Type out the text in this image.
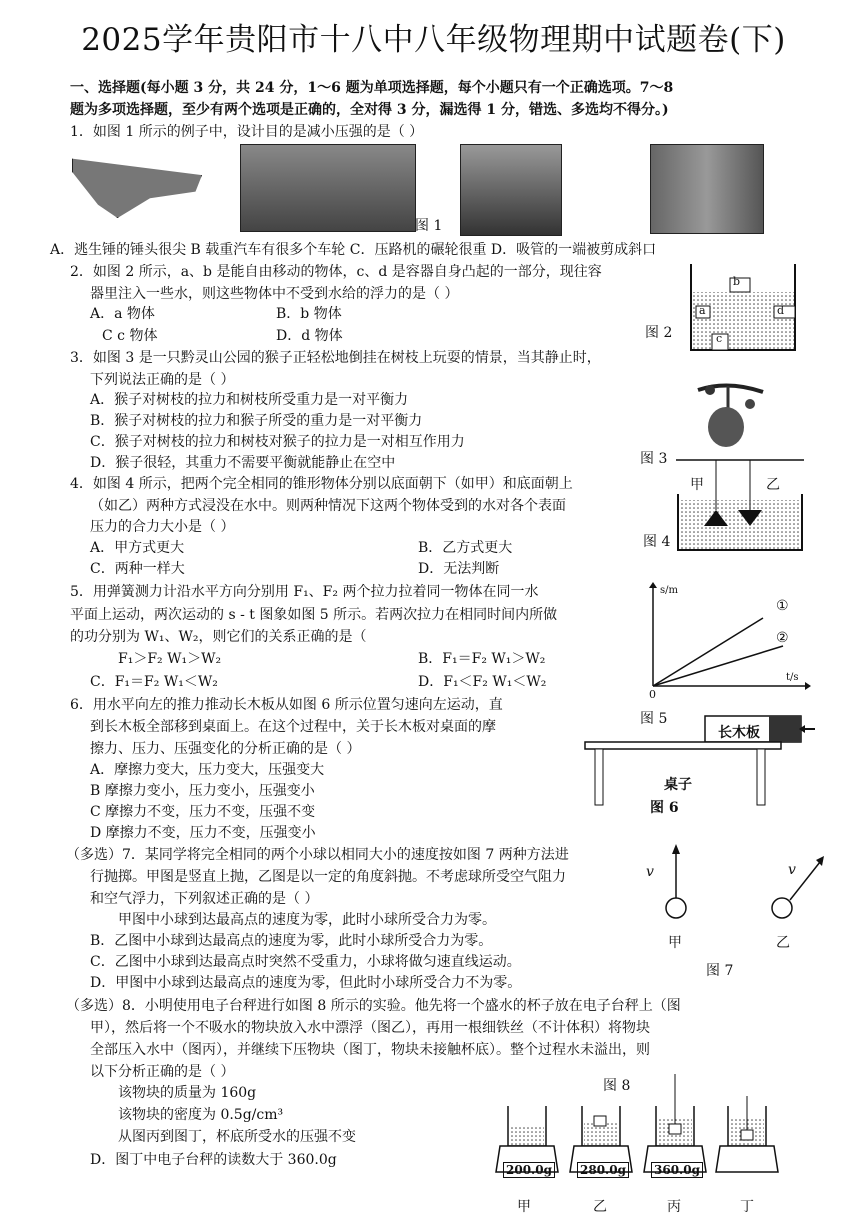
2025学年贵阳市十八中八年级物理期中试题卷(下)
一、选择题(每小题 3 分，共 24 分，1～6 题为单项选择题，每个小题只有一个正确选项。7～8
题为多项选择题，至少有两个选项是正确的，全对得 3 分，漏选得 1 分，错选、多选均不得分。)
1．如图 1 所示的例子中，设计目的是减小压强的是（ ）
图 1
A．逃生锤的锤头很尖 B 载重汽车有很多个车轮 C．压路机的碾轮很重 D．吸管的一端被剪成斜口
2．如图 2 所示，a、b 是能自由移动的物体，c、d 是容器自身凸起的一部分，现往容
器里注入一些水，则这些物体中不受到水给的浮力的是（ ）
A．a 物体	B．b 物体
C c 物体	D．d 物体
b
a	d
c
图 2
3．如图 3 是一只黔灵山公园的猴子正轻松地倒挂在树枝上玩耍的情景，当其静止时，
下列说法正确的是（ ）
A．猴子对树枝的拉力和树枝所受重力是一对平衡力
B．猴子对树枝的拉力和猴子所受的重力是一对平衡力
C．猴子对树枝的拉力和树枝对猴子的拉力是一对相互作用力
D．猴子很轻，其重力不需要平衡就能静止在空中	图 3
4．如图 4 所示，把两个完全相同的锥形物体分别以底面朝下（如甲）和底面朝上
（如乙）两种方式浸没在水中。则两种情况下这两个物体受到的水对各个表面
压力的合力大小是（ ）
A．甲方式更大	B．乙方式更大
C．两种一样大	D．无法判断
甲	乙
图 4
5．用弹簧测力计沿水平方向分别用 F₁、F₂ 两个拉力拉着同一物体在同一水
平面上运动，两次运动的 s - t 图象如图 5 所示。若两次拉力在相同时间内所做
的功分别为 W₁、W₂，则它们的关系正确的是（
F₁＞F₂ W₁＞W₂	B．F₁＝F₂ W₁＞W₂
C．F₁＝F₂ W₁＜W₂	D．F₁＜F₂ W₁＜W₂
s/m
t/s
0
①
②
图 5
6．用水平向左的推力推动长木板从如图 6 所示位置匀速向左运动，直
到长木板全部移到桌面上。在这个过程中，关于长木板对桌面的摩
擦力、压力、压强变化的分析正确的是（ ）
A．摩擦力变大，压力变大，压强变大
B 摩擦力变小，压力变小，压强变小
C 摩擦力不变，压力不变，压强不变
D 摩擦力不变，压力不变，压强变小
长木板
桌子
图 6
（多选）7．某同学将完全相同的两个小球以相同大小的速度按如图 7 两种方法进
行抛掷。甲图是竖直上抛，乙图是以一定的角度斜抛。不考虑球所受空气阻力
和空气浮力，下列叙述正确的是（ ）
甲图中小球到达最高点的速度为零，此时小球所受合力为零。
B．乙图中小球到达最高点的速度为零，此时小球所受合力为零。
C．乙图中小球到达最高点时突然不受重力，小球将做匀速直线运动。
D．甲图中小球到达最高点的速度为零，但此时小球所受合力不为零。
v	v
甲	乙
图 7
（多选）8．小明使用电子台秤进行如图 8 所示的实验。他先将一个盛水的杯子放在电子台秤上（图
甲），然后将一个不吸水的物块放入水中漂浮（图乙），再用一根细铁丝（不计体积）将物块
全部压入水中（图丙），并继续下压物块（图丁，物块未接触杯底）。整个过程水未溢出，则
以下分析正确的是（ ）
该物块的质量为 160g
该物块的密度为 0.5g/cm³
从图丙到图丁，杯底所受水的压强不变
D．图丁中电子台秤的读数大于 360.0g
图 8
200.0g 280.0g 360.0g
甲	乙	丙	丁
